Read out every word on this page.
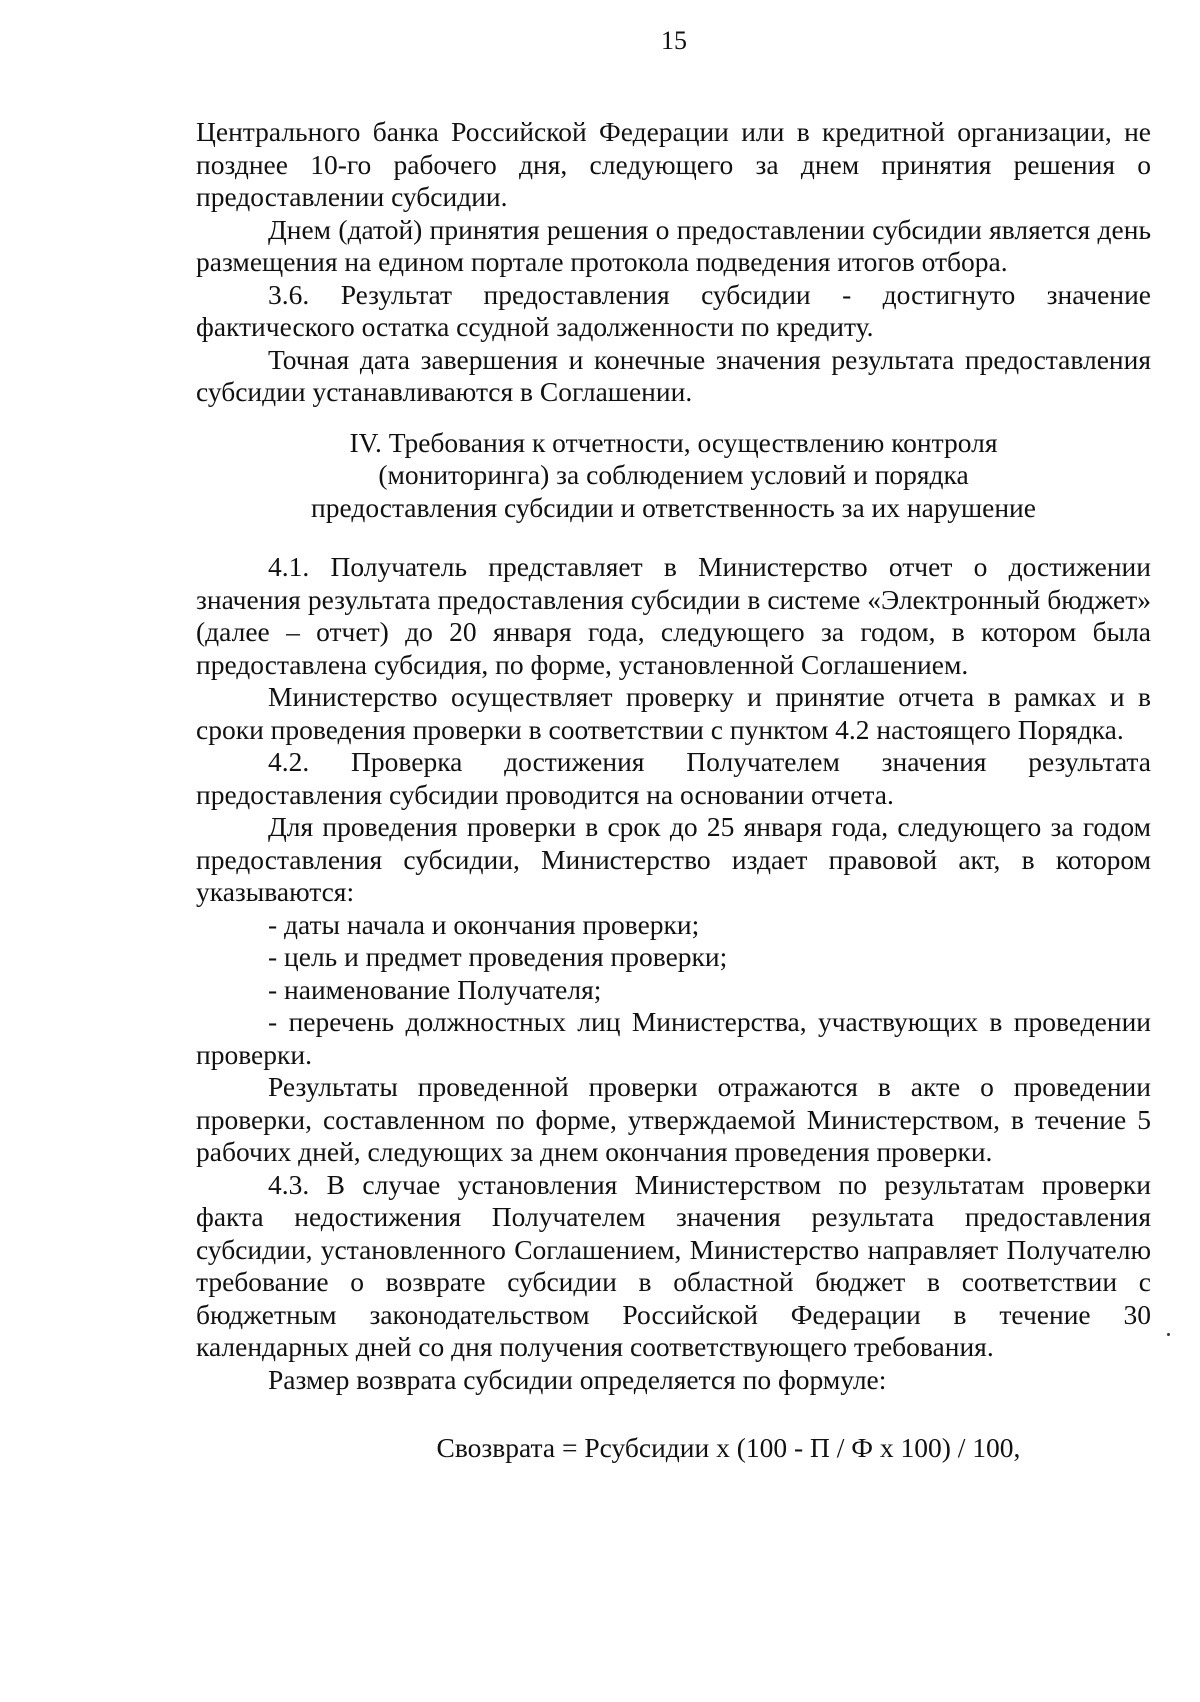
15

Центрального банка Российской Федерации или в кредитной организации, не позднее 10-го рабочего дня, следующего за днем принятия решения о предоставлении субсидии.

Днем (датой) принятия решения о предоставлении субсидии является день размещения на едином портале протокола подведения итогов отбора.

3.6. Результат предоставления субсидии - достигнуто значение фактического остатка ссудной задолженности по кредиту.

Точная дата завершения и конечные значения результата предоставления субсидии устанавливаются в Соглашении.

IV. Требования к отчетности, осуществлению контроля
(мониторинга) за соблюдением условий и порядка
предоставления субсидии и ответственность за их нарушение

4.1. Получатель представляет в Министерство отчет о достижении значения результата предоставления субсидии в системе «Электронный бюджет» (далее – отчет) до 20 января года, следующего за годом, в котором была предоставлена субсидия, по форме, установленной Соглашением.

Министерство осуществляет проверку и принятие отчета в рамках и в сроки проведения проверки в соответствии с пунктом 4.2 настоящего Порядка.

4.2. Проверка достижения Получателем значения результата предоставления субсидии проводится на основании отчета.

Для проведения проверки в срок до 25 января года, следующего за годом предоставления субсидии, Министерство издает правовой акт, в котором указываются:

- даты начала и окончания проверки;

- цель и предмет проведения проверки;

- наименование Получателя;

- перечень должностных лиц Министерства, участвующих в проведении проверки.

Результаты проведенной проверки отражаются в акте о проведении проверки, составленном по форме, утверждаемой Министерством, в течение 5 рабочих дней, следующих за днем окончания проведения проверки.

4.3. В случае установления Министерством по результатам проверки факта недостижения Получателем значения результата предоставления субсидии, установленного Соглашением, Министерство направляет Получателю требование о возврате субсидии в областной бюджет в соответствии с бюджетным законодательством Российской Федерации в течение 30 календарных дней со дня получения соответствующего требования.

Размер возврата субсидии определяется по формуле:

Свозврата = Рсубсидии х (100 - П / Ф х 100) / 100,
